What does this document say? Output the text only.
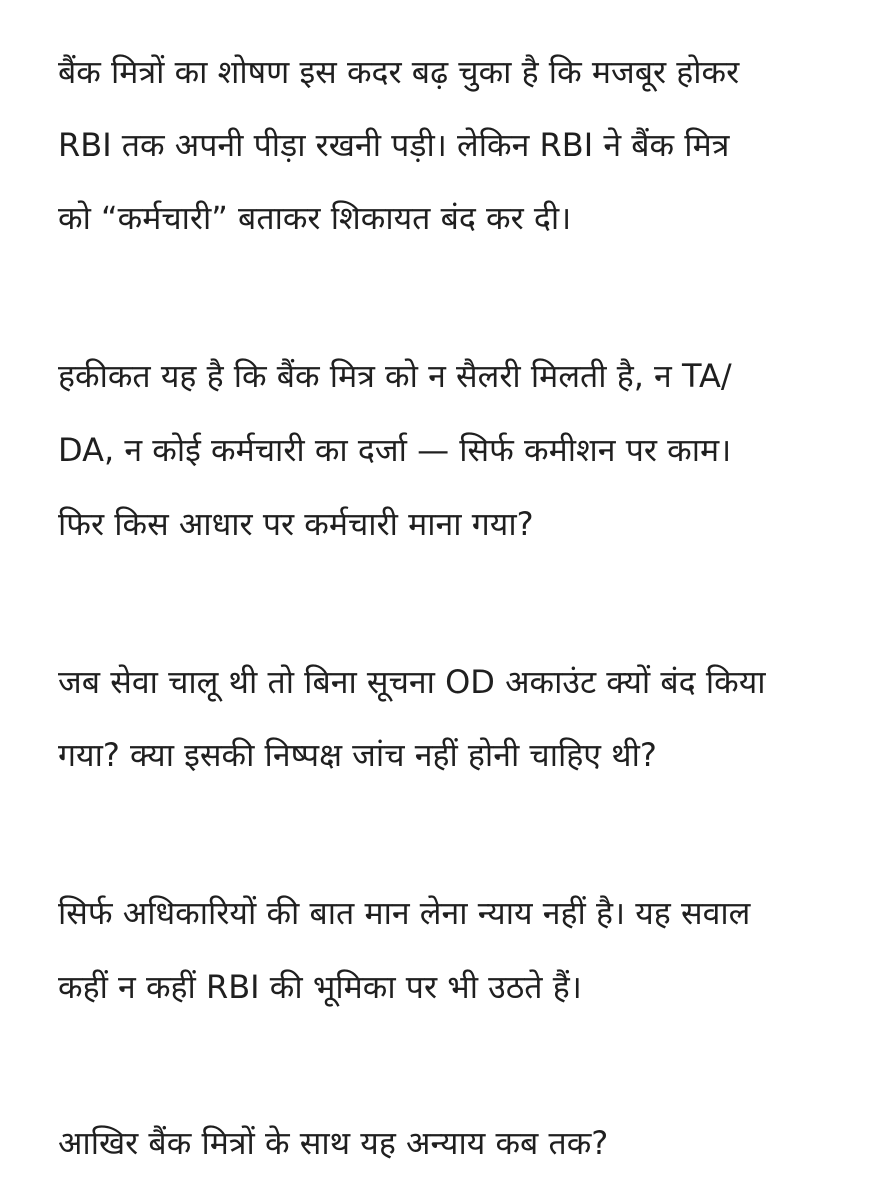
बैंक मित्रों का शोषण इस कदर बढ़ चुका है कि मजबूर होकर
RBI तक अपनी पीड़ा रखनी पड़ी। लेकिन RBI ने बैंक मित्र
को “कर्मचारी” बताकर शिकायत बंद कर दी।
हकीकत यह है कि बैंक मित्र को न सैलरी मिलती है, न TA/
DA, न कोई कर्मचारी का दर्जा — सिर्फ कमीशन पर काम।
फिर किस आधार पर कर्मचारी माना गया?
जब सेवा चालू थी तो बिना सूचना OD अकाउंट क्यों बंद किया
गया? क्या इसकी निष्पक्ष जांच नहीं होनी चाहिए थी?
सिर्फ अधिकारियों की बात मान लेना न्याय नहीं है। यह सवाल
कहीं न कहीं RBI की भूमिका पर भी उठते हैं।
आखिर बैंक मित्रों के साथ यह अन्याय कब तक?
